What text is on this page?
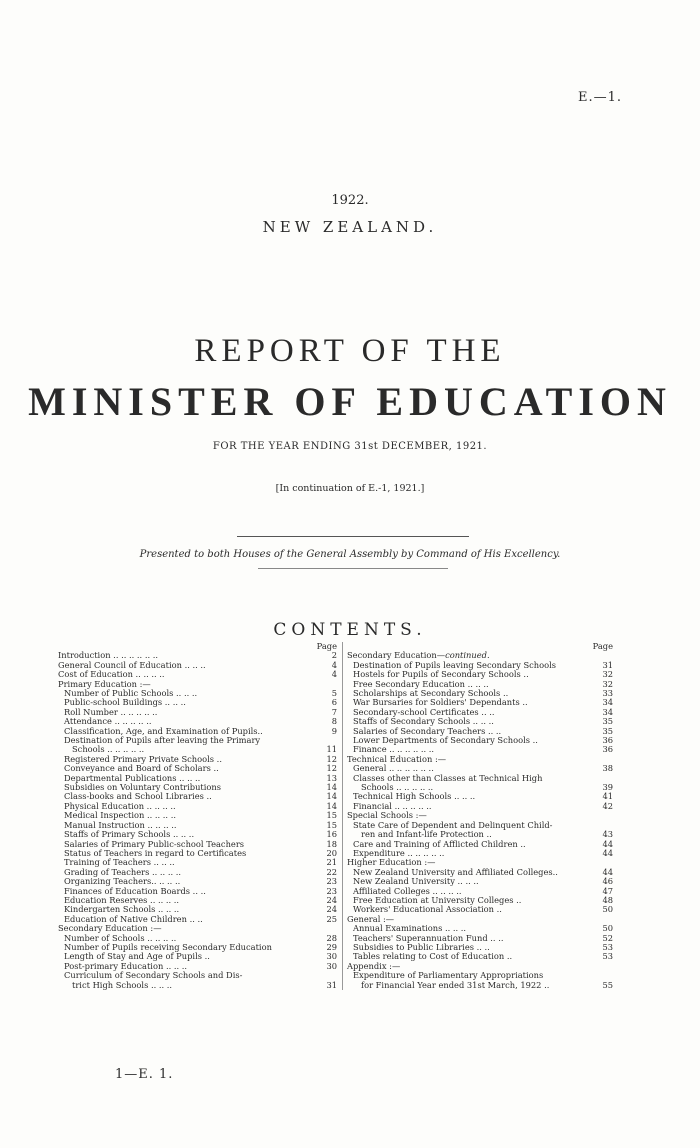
E.—1.
1922.
NEW ZEALAND.
REPORT OF THE
MINISTER OF EDUCATION
FOR THE YEAR ENDING 31st DECEMBER, 1921.
[In continuation of E.-1, 1921.]
Presented to both Houses of the General Assembly by Command of His Excellency.
CONTENTS.
Page
Introduction .. .. .. .. .. ..	2
General Council of Education .. .. ..	4
Cost of Education .. .. .. ..	4
Primary Education :—
Number of Public Schools .. .. ..	5
Public-school Buildings .. .. ..	6
Roll Number .. .. .. .. ..	7
Attendance .. .. .. .. ..	8
Classification, Age, and Examination of Pupils..	9
Destination of Pupils after leaving the Primary
Schools .. .. .. .. ..	11
Registered Primary Private Schools ..	12
Conveyance and Board of Scholars ..	12
Departmental Publications .. .. ..	13
Subsidies on Voluntary Contributions	14
Class-books and School Libraries ..	14
Physical Education .. .. .. ..	14
Medical Inspection .. .. .. ..	15
Manual Instruction .. .. .. ..	15
Staffs of Primary Schools .. .. ..	16
Salaries of Primary Public-school Teachers	18
Status of Teachers in regard to Certificates	20
Training of Teachers .. .. ..	21
Grading of Teachers .. .. .. ..	22
Organizing Teachers.. .. .. ..	23
Finances of Education Boards .. ..	23
Education Reserves .. .. .. ..	24
Kindergarten Schools .. .. ..	24
Education of Native Children .. ..	25
Secondary Education :—
Number of Schools .. .. .. ..	28
Number of Pupils receiving Secondary Education	29
Length of Stay and Age of Pupils ..	30
Post-primary Education .. .. ..	30
Curriculum of Secondary Schools and Dis-
trict High Schools .. .. ..	31
Page
Secondary Education—continued.
Destination of Pupils leaving Secondary Schools	31
Hostels for Pupils of Secondary Schools ..	32
Free Secondary Education .. .. ..	32
Scholarships at Secondary Schools ..	33
War Bursaries for Soldiers' Dependants ..	34
Secondary-school Certificates .. ..	34
Staffs of Secondary Schools .. .. ..	35
Salaries of Secondary Teachers .. ..	35
Lower Departments of Secondary Schools ..	36
Finance .. .. .. .. .. ..	36
Technical Education :—
General .. .. .. .. .. ..	38
Classes other than Classes at Technical High
Schools .. .. .. .. ..	39
Technical High Schools .. .. ..	41
Financial .. .. .. .. ..	42
Special Schools :—
State Care of Dependent and Delinquent Child-
ren and Infant-life Protection ..	43
Care and Training of Afflicted Children ..	44
Expenditure .. .. .. .. ..	44
Higher Education :—
New Zealand University and Affiliated Colleges..	44
New Zealand University .. .. ..	46
Affiliated Colleges .. .. .. ..	47
Free Education at University Colleges ..	48
Workers' Educational Association ..	50
General :—
Annual Examinations .. .. ..	50
Teachers' Superannuation Fund .. ..	52
Subsidies to Public Libraries .. ..	53
Tables relating to Cost of Education ..	53
Appendix :—
Expenditure of Parliamentary Appropriations
for Financial Year ended 31st March, 1922 ..	55
1—E. 1.
